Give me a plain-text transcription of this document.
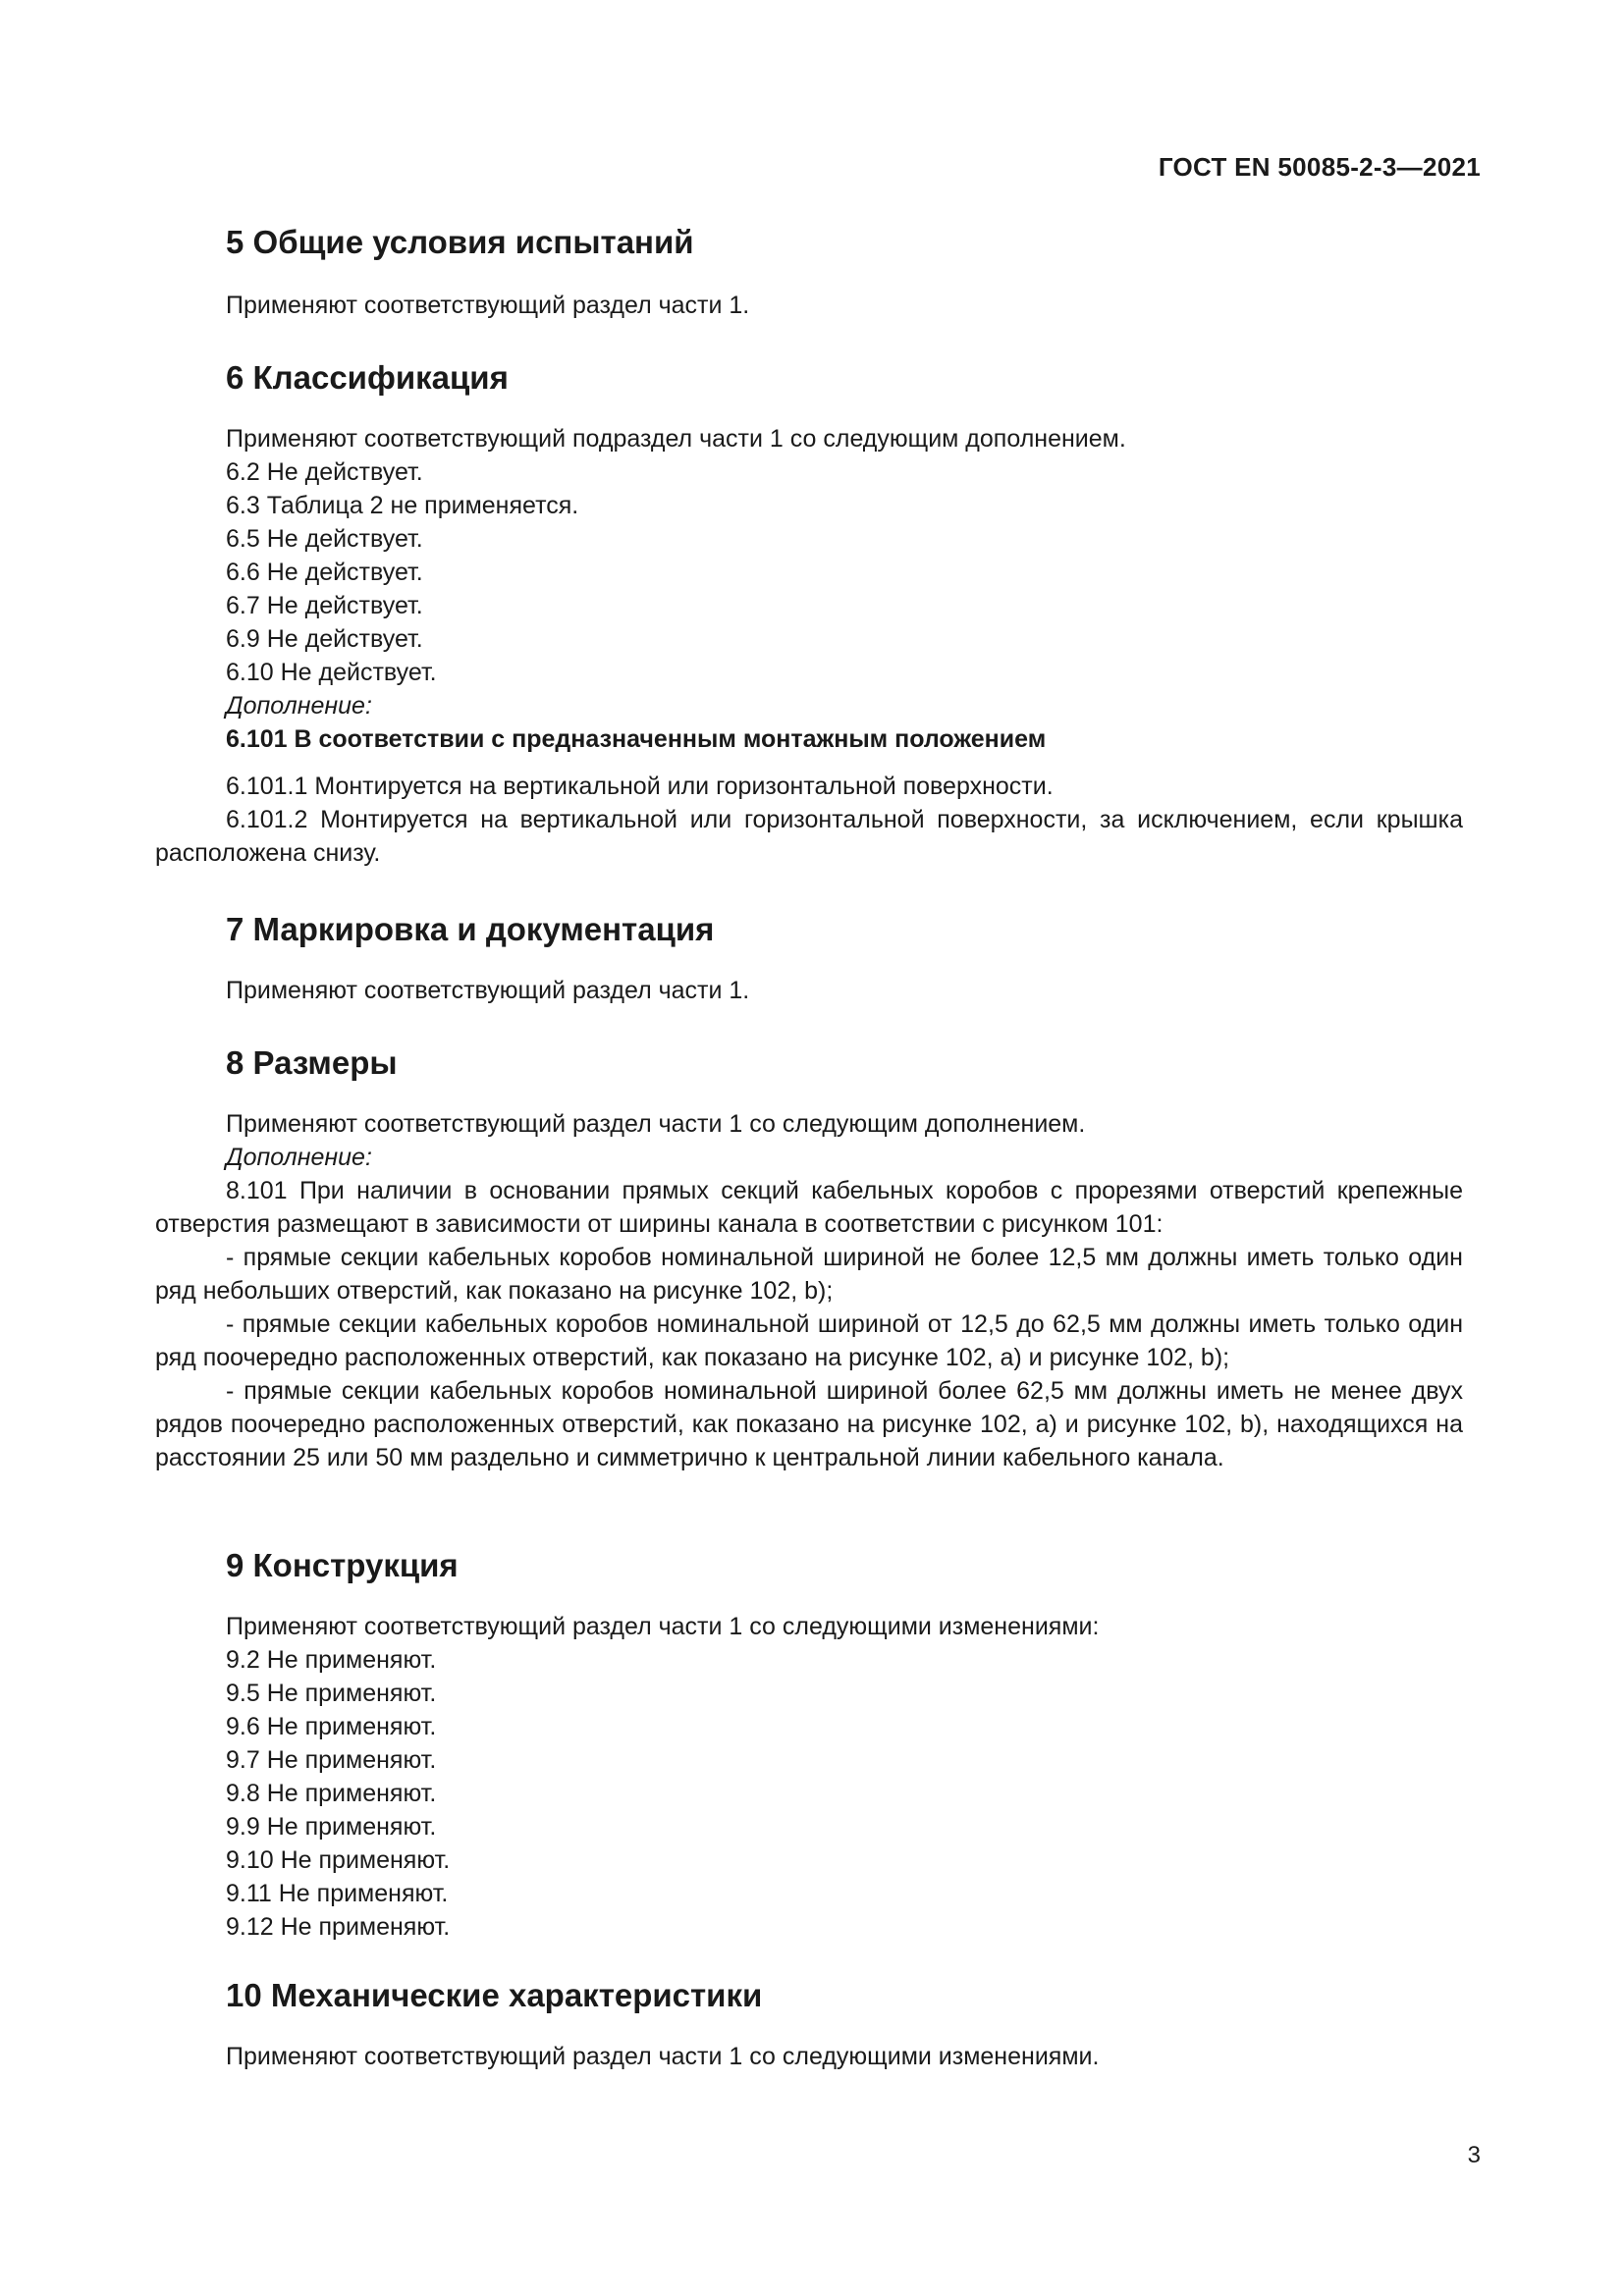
ГОСТ EN 50085-2-3—2021
5 Общие условия испытаний
Применяют соответствующий раздел части 1.
6 Классификация
Применяют соответствующий подраздел части 1 со следующим дополнением.
6.2 Не действует.
6.3 Таблица 2 не применяется.
6.5 Не действует.
6.6 Не действует.
6.7 Не действует.
6.9 Не действует.
6.10 Не действует.
Дополнение:
6.101 В соответствии с предназначенным монтажным положением
6.101.1 Монтируется на вертикальной или горизонтальной поверхности.
6.101.2 Монтируется на вертикальной или горизонтальной поверхности, за исключением, если крышка расположена снизу.
7 Маркировка и документация
Применяют соответствующий раздел части 1.
8 Размеры
Применяют соответствующий раздел части 1 со следующим дополнением.
Дополнение:
8.101 При наличии в основании прямых секций кабельных коробов с прорезями отверстий крепежные отверстия размещают в зависимости от ширины канала в соответствии с рисунком 101:
- прямые секции кабельных коробов номинальной шириной не более 12,5 мм должны иметь только один ряд небольших отверстий, как показано на рисунке 102, b);
- прямые секции кабельных коробов номинальной шириной от 12,5 до 62,5 мм должны иметь только один ряд поочередно расположенных отверстий, как показано на рисунке 102, а) и рисунке 102, b);
- прямые секции кабельных коробов номинальной шириной более 62,5 мм должны иметь не менее двух рядов поочередно расположенных отверстий, как показано на рисунке 102, а) и рисунке 102, b), находящихся на расстоянии 25 или 50 мм раздельно и симметрично к центральной линии кабельного канала.
9 Конструкция
Применяют соответствующий раздел части 1 со следующими изменениями:
9.2 Не применяют.
9.5 Не применяют.
9.6 Не применяют.
9.7 Не применяют.
9.8 Не применяют.
9.9 Не применяют.
9.10 Не применяют.
9.11 Не применяют.
9.12 Не применяют.
10 Механические характеристики
Применяют соответствующий раздел части 1 со следующими изменениями.
3
